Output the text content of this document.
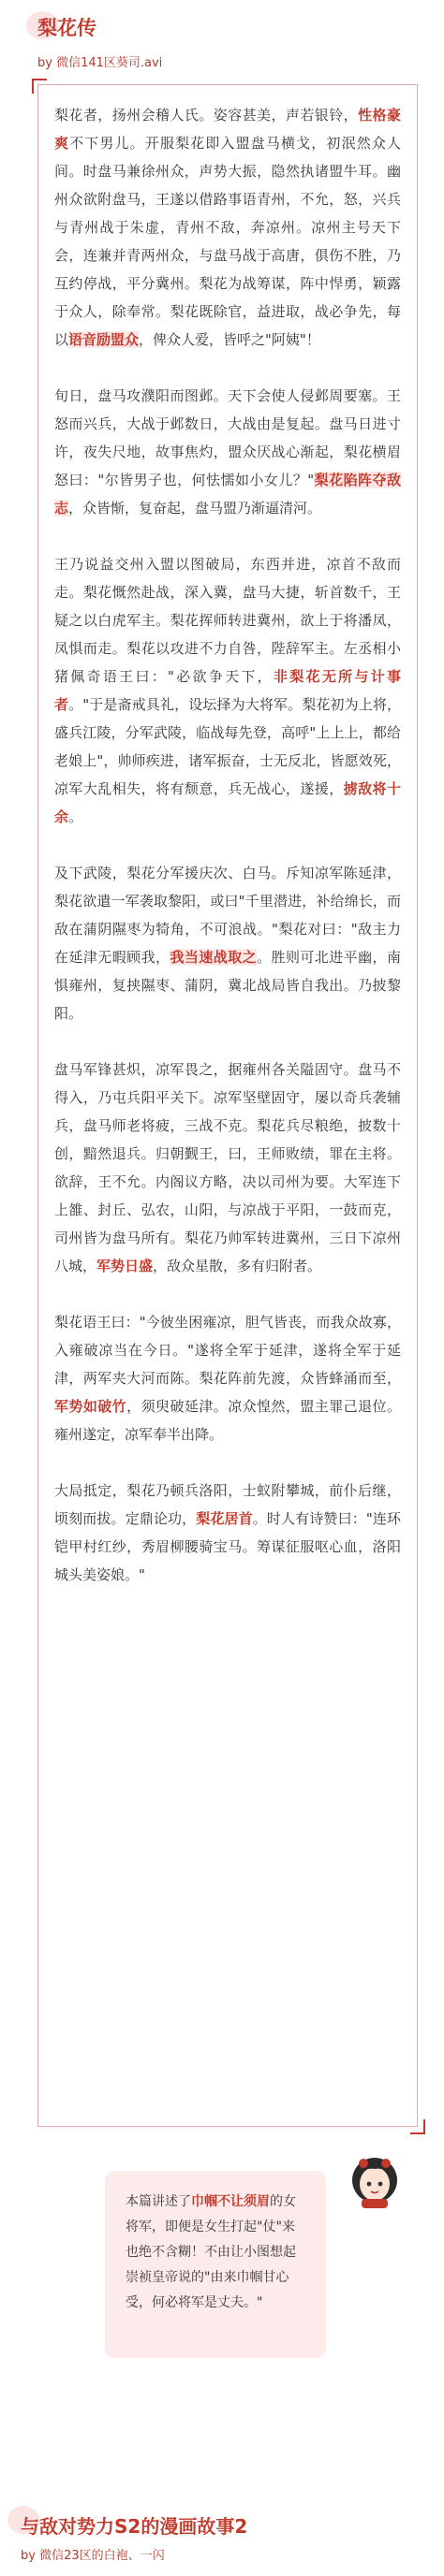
梨花传
by 微信141区葵司.avi

梨花者，扬州会稽人氏。姿容甚美，声若银铃，性格豪爽不下男儿。开服梨花即入盟盘马横戈，初泯然众人间。时盘马兼徐州众，声势大振，隐然执诸盟牛耳。幽州众欲附盘马，王遂以借路事语青州，不允，怒，兴兵与青州战于朱虚，青州不敌，奔凉州。凉州主号天下会，连兼并青两州众，与盘马战于高唐，俱伤不胜，乃互约停战，平分冀州。梨花为战筹谋，阵中悍勇，颖露于众人，除奉常。梨花既除官，益进取，战必争先，每以语音励盟众，俾众人爱，皆呼之"阿姨"！

旬日，盘马攻濮阳而图邺。天下会使人侵邺周要塞。王怒而兴兵，大战于邺数日，大战由是复起。盘马日进寸许，夜失尺地，故事焦灼，盟众厌战心渐起，梨花横眉怒曰："尔皆男子也，何怯懦如小女儿？"梨花陷阵夺敌志，众皆惭，复奋起，盘马盟乃渐逼清河。

王乃说益交州入盟以图破局，东西并进，凉首不敌而走。梨花慨然赴战，深入冀，盘马大捷，斩首数千，王疑之以白虎军主。梨花挥师转进冀州，欲上于将潘凤，凤惧而走。梨花以攻进不力自咎，陛辞军主。左丞相小猪佩奇语王曰："必欲争天下，非梨花无所与计事者。"于是斋戒具礼，设坛择为大将军。梨花初为上将，盛兵江陵，分军武陵，临战每先登，高呼"上上上，都给老娘上"，帅师疾进，诸军振奋，士无反北，皆愿效死，凉军大乱相失，将有颓意，兵无战心，遂援，掳敌将十余。

及下武陵，梨花分军援庆次、白马。斥知凉军陈延津，梨花欲遣一军袭取黎阳，或曰"千里潜进，补给绵长，而敌在蒲阴隰枣为犄角，不可浪战。"梨花对曰："敌主力在延津无暇顾我，我当速战取之。胜则可北进平幽，南惧雍州，复挟隰枣、蒲阴，冀北战局皆自我出。乃披黎阳。

盘马军锋甚炽，凉军畏之，据雍州各关隘固守。盘马不得入，乃屯兵阳平关下。凉军坚壁固守，屡以奇兵袭辅兵，盘马师老将疲，三战不克。梨花兵尽粮绝，披数十创，黯然退兵。归朝觐王，曰，王师败绩，罪在主将。欲辞，王不允。内阁议方略，决以司州为要。大军连下上雒、封丘、弘农，山阳，与凉战于平阳，一鼓而克，司州皆为盘马所有。梨花乃帅军转进冀州，三日下凉州八城，军势日盛，敌众星散，多有归附者。

梨花语王曰："今彼坐困雍凉，胆气皆丧，而我众故寡，入雍破凉当在今日。"遂将全军于延津，遂将全军于延津，两军夹大河而陈。梨花阵前先渡，众皆蜂涌而至，军势如破竹，须臾破延津。凉众惶然，盟主罪己退位。雍州遂定，凉军奉半出降。

大局抵定，梨花乃顿兵洛阳，士蚁附攀城，前仆后继，顷刻而拔。定鼎论功，梨花居首。时人有诗赞曰："连环铠甲村红纱，秀眉柳腰骑宝马。筹谋征服呕心血，洛阳城头美姿娘。"

本篇讲述了巾帼不让须眉的女将军，即便是女生打起"仗"来也绝不含糊！不由让小图想起崇祯皇帝说的"由来巾帼甘心受，何必将军是丈夫。"
与敌对势力S2的漫画故事2
by 微信23区的白袍、一闪
